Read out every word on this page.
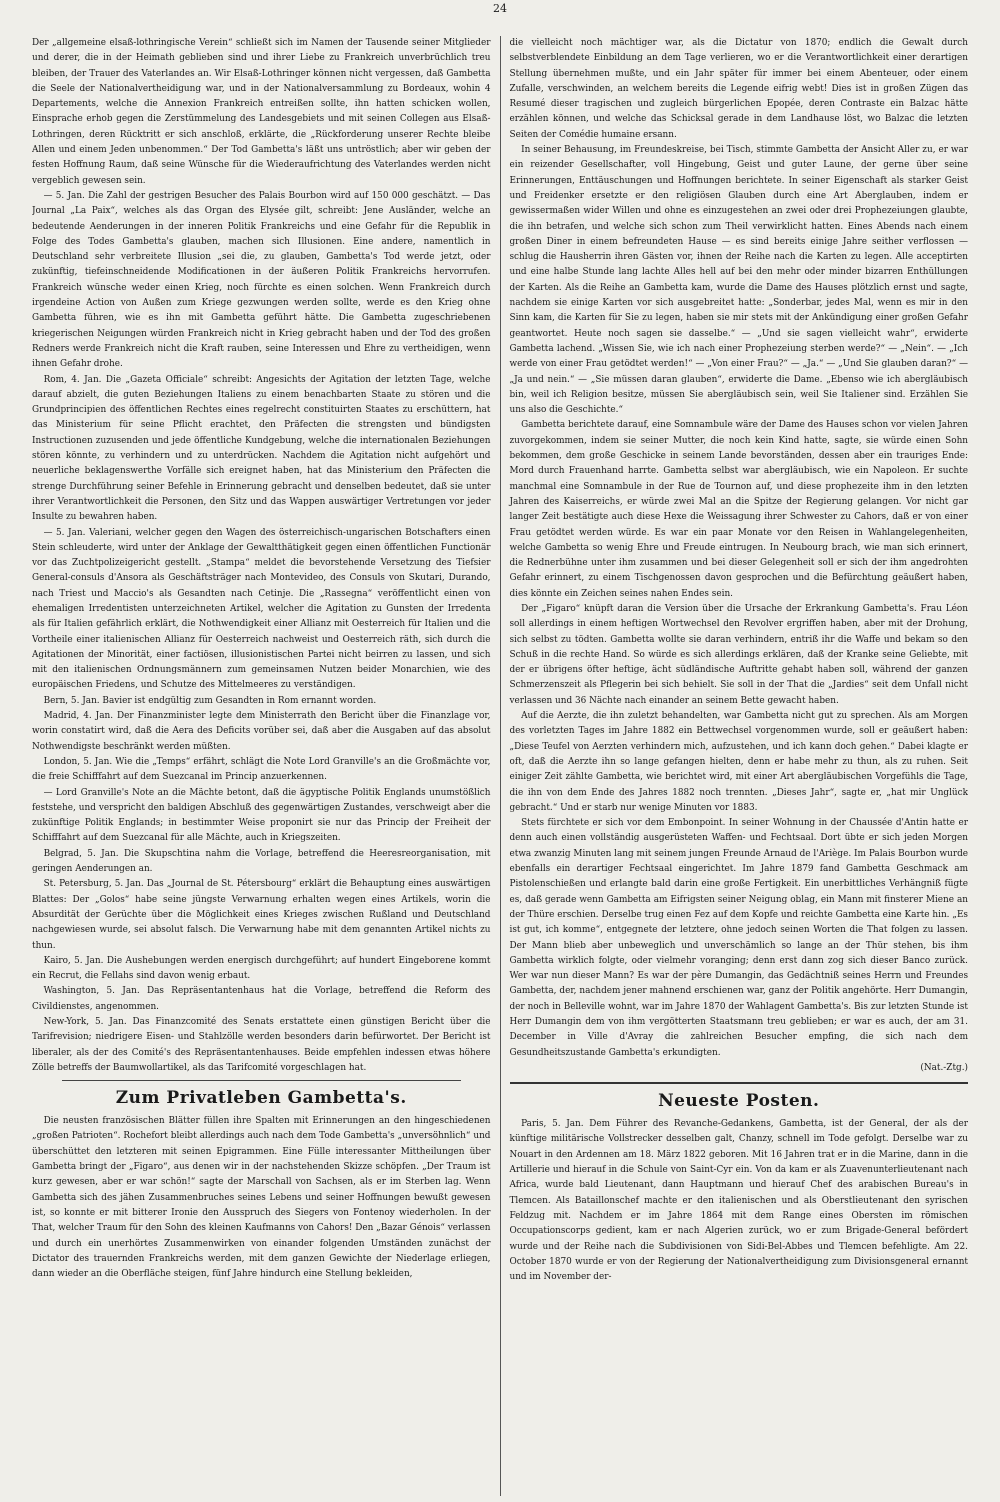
24

Der „allgemeine elsaß-lothringische Verein“ schließt sich im Namen der Tausende seiner Mitglieder und derer, die in der Heimath geblieben sind und ihrer Liebe zu Frankreich unverbrüchlich treu bleiben, der Trauer des Vaterlandes an. Wir Elsaß-Lothringer können nicht vergessen, daß Gambetta die Seele der Nationalvertheidigung war, und in der Nationalversammlung zu Bordeaux, wohin 4 Departements, welche die Annexion Frankreich entreißen sollte, ihn hatten schicken wollen, Einsprache erhob gegen die Zerstümmelung des Landesgebiets und mit seinen Collegen aus Elsaß-Lothringen, deren Rücktritt er sich anschloß, erklärte, die „Rückforderung unserer Rechte bleibe Allen und einem Jeden unbenommen.“ Der Tod Gambetta's läßt uns untröstlich; aber wir geben der festen Hoffnung Raum, daß seine Wünsche für die Wiederaufrichtung des Vaterlandes werden nicht vergeblich gewesen sein.

— 5. Jan. Die Zahl der gestrigen Besucher des Palais Bourbon wird auf 150 000 geschätzt. — Das Journal „La Paix“, welches als das Organ des Elysée gilt, schreibt: Jene Ausländer, welche an bedeutende Aenderungen in der inneren Politik Frankreichs und eine Gefahr für die Republik in Folge des Todes Gambetta's glauben, machen sich Illusionen. Eine andere, namentlich in Deutschland sehr verbreitete Illusion „sei die, zu glauben, Gambetta's Tod werde jetzt, oder zukünftig, tiefeinschneidende Modificationen in der äußeren Politik Frankreichs hervorrufen. Frankreich wünsche weder einen Krieg, noch fürchte es einen solchen. Wenn Frankreich durch irgendeine Action von Außen zum Kriege gezwungen werden sollte, werde es den Krieg ohne Gambetta führen, wie es ihn mit Gambetta geführt hätte. Die Gambetta zugeschriebenen kriegerischen Neigungen würden Frankreich nicht in Krieg gebracht haben und der Tod des großen Redners werde Frankreich nicht die Kraft rauben, seine Interessen und Ehre zu vertheidigen, wenn ihnen Gefahr drohe.

Rom, 4. Jan. Die „Gazeta Officiale“ schreibt: Angesichts der Agitation der letzten Tage, welche darauf abzielt, die guten Beziehungen Italiens zu einem benachbarten Staate zu stören und die Grundprincipien des öffentlichen Rechtes eines regelrecht constituirten Staates zu erschüttern, hat das Ministerium für seine Pflicht erachtet, den Präfecten die strengsten und bündigsten Instructionen zuzusenden und jede öffentliche Kundgebung, welche die internationalen Beziehungen stören könnte, zu verhindern und zu unterdrücken. Nachdem die Agitation nicht aufgehört und neuerliche beklagenswerthe Vorfälle sich ereignet haben, hat das Ministerium den Präfecten die strenge Durchführung seiner Befehle in Erinnerung gebracht und denselben bedeutet, daß sie unter ihrer Verantwortlichkeit die Personen, den Sitz und das Wappen auswärtiger Vertretungen vor jeder Insulte zu bewahren haben.

— 5. Jan. Valeriani, welcher gegen den Wagen des österreichisch-ungarischen Botschafters einen Stein schleuderte, wird unter der Anklage der Gewaltthätigkeit gegen einen öffentlichen Functionär vor das Zuchtpolizeigericht gestellt. „Stampa“ meldet die bevorstehende Versetzung des Tiefsier General-consuls d'Ansora als Geschäftsträger nach Montevideo, des Consuls von Skutari, Durando, nach Triest und Maccio's als Gesandten nach Cetinje. Die „Rassegna“ veröffentlicht einen von ehemaligen Irredentisten unterzeichneten Artikel, welcher die Agitation zu Gunsten der Irredenta als für Italien gefährlich erklärt, die Nothwendigkeit einer Allianz mit Oesterreich für Italien und die Vortheile einer italienischen Allianz für Oesterreich nachweist und Oesterreich räth, sich durch die Agitationen der Minorität, einer factiösen, illusionistischen Partei nicht beirren zu lassen, und sich mit den italienischen Ordnungsmännern zum gemeinsamen Nutzen beider Monarchien, wie des europäischen Friedens, und Schutze des Mittelmeeres zu verständigen.

Bern, 5. Jan. Bavier ist endgültig zum Gesandten in Rom ernannt worden.

Madrid, 4. Jan. Der Finanzminister legte dem Ministerrath den Bericht über die Finanzlage vor, worin constatirt wird, daß die Aera des Deficits vorüber sei, daß aber die Ausgaben auf das absolut Nothwendigste beschränkt werden müßten.

London, 5. Jan. Wie die „Temps“ erfährt, schlägt die Note Lord Granville's an die Großmächte vor, die freie Schifffahrt auf dem Suezcanal im Princip anzuerkennen.

— Lord Granville's Note an die Mächte betont, daß die ägyptische Politik Englands unumstößlich feststehe, und verspricht den baldigen Abschluß des gegenwärtigen Zustandes, verschweigt aber die zukünftige Politik Englands; in bestimmter Weise proponirt sie nur das Princip der Freiheit der Schifffahrt auf dem Suezcanal für alle Mächte, auch in Kriegszeiten.

Belgrad, 5. Jan. Die Skupschtina nahm die Vorlage, betreffend die Heeresreorganisation, mit geringen Aenderungen an.

St. Petersburg, 5. Jan. Das „Journal de St. Pétersbourg“ erklärt die Behauptung eines auswärtigen Blattes: Der „Golos“ habe seine jüngste Verwarnung erhalten wegen eines Artikels, worin die Absurdität der Gerüchte über die Möglichkeit eines Krieges zwischen Rußland und Deutschland nachgewiesen wurde, sei absolut falsch. Die Verwarnung habe mit dem genannten Artikel nichts zu thun.

Kairo, 5. Jan. Die Aushebungen werden energisch durchgeführt; auf hundert Eingeborene kommt ein Recrut, die Fellahs sind davon wenig erbaut.

Washington, 5. Jan. Das Repräsentantenhaus hat die Vorlage, betreffend die Reform des Civildienstes, angenommen.

New-York, 5. Jan. Das Finanzcomité des Senats erstattete einen günstigen Bericht über die Tarifrevision; niedrigere Eisen- und Stahlzölle werden besonders darin befürwortet. Der Bericht ist liberaler, als der des Comité's des Repräsentantenhauses. Beide empfehlen indessen etwas höhere Zölle betreffs der Baumwollartikel, als das Tarifcomité vorgeschlagen hat.

Zum Privatleben Gambetta's.

Die neusten französischen Blätter füllen ihre Spalten mit Erinnerungen an den hingeschiedenen „großen Patrioten“. Rochefort bleibt allerdings auch nach dem Tode Gambetta's „unversöhnlich“ und überschüttet den letzteren mit seinen Epigrammen. Eine Fülle interessanter Mittheilungen über Gambetta bringt der „Figaro“, aus denen wir in der nachstehenden Skizze schöpfen. „Der Traum ist kurz gewesen, aber er war schön!“ sagte der Marschall von Sachsen, als er im Sterben lag. Wenn Gambetta sich des jähen Zusammenbruches seines Lebens und seiner Hoffnungen bewußt gewesen ist, so konnte er mit bitterer Ironie den Ausspruch des Siegers von Fontenoy wiederholen. In der That, welcher Traum für den Sohn des kleinen Kaufmanns von Cahors! Den „Bazar Génois“ verlassen und durch ein unerhörtes Zusammenwirken von einander folgenden Umständen zunächst der Dictator des trauernden Frankreichs werden, mit dem ganzen Gewichte der Niederlage erliegen, dann wieder an die Oberfläche steigen, fünf Jahre hindurch eine Stellung bekleiden,

die vielleicht noch mächtiger war, als die Dictatur von 1870; endlich die Gewalt durch selbstverblendete Einbildung an dem Tage verlieren, wo er die Verantwortlichkeit einer derartigen Stellung übernehmen mußte, und ein Jahr später für immer bei einem Abenteuer, oder einem Zufalle, verschwinden, an welchem bereits die Legende eifrig webt! Dies ist in großen Zügen das Resumé dieser tragischen und zugleich bürgerlichen Epopée, deren Contraste ein Balzac hätte erzählen können, und welche das Schicksal gerade in dem Landhause löst, wo Balzac die letzten Seiten der Comédie humaine ersann.

In seiner Behausung, im Freundeskreise, bei Tisch, stimmte Gambetta der Ansicht Aller zu, er war ein reizender Gesellschafter, voll Hingebung, Geist und guter Laune, der gerne über seine Erinnerungen, Enttäuschungen und Hoffnungen berichtete. In seiner Eigenschaft als starker Geist und Freidenker ersetzte er den religiösen Glauben durch eine Art Aberglauben, indem er gewissermaßen wider Willen und ohne es einzugestehen an zwei oder drei Prophezeiungen glaubte, die ihn betrafen, und welche sich schon zum Theil verwirklicht hatten. Eines Abends nach einem großen Diner in einem befreundeten Hause — es sind bereits einige Jahre seither verflossen — schlug die Hausherrin ihren Gästen vor, ihnen der Reihe nach die Karten zu legen. Alle acceptirten und eine halbe Stunde lang lachte Alles hell auf bei den mehr oder minder bizarren Enthüllungen der Karten. Als die Reihe an Gambetta kam, wurde die Dame des Hauses plötzlich ernst und sagte, nachdem sie einige Karten vor sich ausgebreitet hatte: „Sonderbar, jedes Mal, wenn es mir in den Sinn kam, die Karten für Sie zu legen, haben sie mir stets mit der Ankündigung einer großen Gefahr geantwortet. Heute noch sagen sie dasselbe.“ — „Und sie sagen vielleicht wahr“, erwiderte Gambetta lachend. „Wissen Sie, wie ich nach einer Prophezeiung sterben werde?“ — „Nein“. — „Ich werde von einer Frau getödtet werden!“ — „Von einer Frau?“ — „Ja.“ — „Und Sie glauben daran?“ — „Ja und nein.“ — „Sie müssen daran glauben“, erwiderte die Dame. „Ebenso wie ich abergläubisch bin, weil ich Religion besitze, müssen Sie abergläubisch sein, weil Sie Italiener sind. Erzählen Sie uns also die Geschichte.“

Gambetta berichtete darauf, eine Somnambule wäre der Dame des Hauses schon vor vielen Jahren zuvorgekommen, indem sie seiner Mutter, die noch kein Kind hatte, sagte, sie würde einen Sohn bekommen, dem große Geschicke in seinem Lande bevorständen, dessen aber ein trauriges Ende: Mord durch Frauenhand harrte. Gambetta selbst war abergläubisch, wie ein Napoleon. Er suchte manchmal eine Somnambule in der Rue de Tournon auf, und diese prophezeite ihm in den letzten Jahren des Kaiserreichs, er würde zwei Mal an die Spitze der Regierung gelangen. Vor nicht gar langer Zeit bestätigte auch diese Hexe die Weissagung ihrer Schwester zu Cahors, daß er von einer Frau getödtet werden würde. Es war ein paar Monate vor den Reisen in Wahlangelegenheiten, welche Gambetta so wenig Ehre und Freude eintrugen. In Neubourg brach, wie man sich erinnert, die Rednerbühne unter ihm zusammen und bei dieser Gelegenheit soll er sich der ihm angedrohten Gefahr erinnert, zu einem Tischgenossen davon gesprochen und die Befürchtung geäußert haben, dies könnte ein Zeichen seines nahen Endes sein.

Der „Figaro“ knüpft daran die Version über die Ursache der Erkrankung Gambetta's. Frau Léon soll allerdings in einem heftigen Wortwechsel den Revolver ergriffen haben, aber mit der Drohung, sich selbst zu tödten. Gambetta wollte sie daran verhindern, entriß ihr die Waffe und bekam so den Schuß in die rechte Hand. So würde es sich allerdings erklären, daß der Kranke seine Geliebte, mit der er übrigens öfter heftige, ächt südländische Auftritte gehabt haben soll, während der ganzen Schmerzenszeit als Pflegerin bei sich behielt. Sie soll in der That die „Jardies“ seit dem Unfall nicht verlassen und 36 Nächte nach einander an seinem Bette gewacht haben.

Auf die Aerzte, die ihn zuletzt behandelten, war Gambetta nicht gut zu sprechen. Als am Morgen des vorletzten Tages im Jahre 1882 ein Bettwechsel vorgenommen wurde, soll er geäußert haben: „Diese Teufel von Aerzten verhindern mich, aufzustehen, und ich kann doch gehen.“ Dabei klagte er oft, daß die Aerzte ihn so lange gefangen hielten, denn er habe mehr zu thun, als zu ruhen. Seit einiger Zeit zählte Gambetta, wie berichtet wird, mit einer Art abergläubischen Vorgefühls die Tage, die ihn von dem Ende des Jahres 1882 noch trennten. „Dieses Jahr“, sagte er, „hat mir Unglück gebracht.“ Und er starb nur wenige Minuten vor 1883.

Stets fürchtete er sich vor dem Embonpoint. In seiner Wohnung in der Chaussée d'Antin hatte er denn auch einen vollständig ausgerüsteten Waffen- und Fechtsaal. Dort übte er sich jeden Morgen etwa zwanzig Minuten lang mit seinem jungen Freunde Arnaud de l'Ariège. Im Palais Bourbon wurde ebenfalls ein derartiger Fechtsaal eingerichtet. Im Jahre 1879 fand Gambetta Geschmack am Pistolenschießen und erlangte bald darin eine große Fertigkeit. Ein unerbittliches Verhängniß fügte es, daß gerade wenn Gambetta am Eifrigsten seiner Neigung oblag, ein Mann mit finsterer Miene an der Thüre erschien. Derselbe trug einen Fez auf dem Kopfe und reichte Gambetta eine Karte hin. „Es ist gut, ich komme“, entgegnete der letztere, ohne jedoch seinen Worten die That folgen zu lassen. Der Mann blieb aber unbeweglich und unverschämlich so lange an der Thür stehen, bis ihm Gambetta wirklich folgte, oder vielmehr voranging; denn erst dann zog sich dieser Banco zurück. Wer war nun dieser Mann? Es war der père Dumangin, das Gedächtniß seines Herrn und Freundes Gambetta, der, nachdem jener mahnend erschienen war, ganz der Politik angehörte. Herr Dumangin, der noch in Belleville wohnt, war im Jahre 1870 der Wahlagent Gambetta's. Bis zur letzten Stunde ist Herr Dumangin dem von ihm vergötterten Staatsmann treu geblieben; er war es auch, der am 31. December in Ville d'Avray die zahlreichen Besucher empfing, die sich nach dem Gesundheitszustande Gambetta's erkundigten.

(Nat.-Ztg.)
Neueste Posten.

Paris, 5. Jan. Dem Führer des Revanche-Gedankens, Gambetta, ist der General, der als der künftige militärische Vollstrecker desselben galt, Chanzy, schnell im Tode gefolgt. Derselbe war zu Nouart in den Ardennen am 18. März 1822 geboren. Mit 16 Jahren trat er in die Marine, dann in die Artillerie und hierauf in die Schule von Saint-Cyr ein. Von da kam er als Zuavenunterlieutenant nach Africa, wurde bald Lieutenant, dann Hauptmann und hierauf Chef des arabischen Bureau's in Tlemcen. Als Bataillonschef machte er den italienischen und als Oberstlieutenant den syrischen Feldzug mit. Nachdem er im Jahre 1864 mit dem Range eines Obersten im römischen Occupationscorps gedient, kam er nach Algerien zurück, wo er zum Brigade-General befördert wurde und der Reihe nach die Subdivisionen von Sidi-Bel-Abbes und Tlemcen befehligte. Am 22. October 1870 wurde er von der Regierung der Nationalvertheidigung zum Divisionsgeneral ernannt und im November der-
